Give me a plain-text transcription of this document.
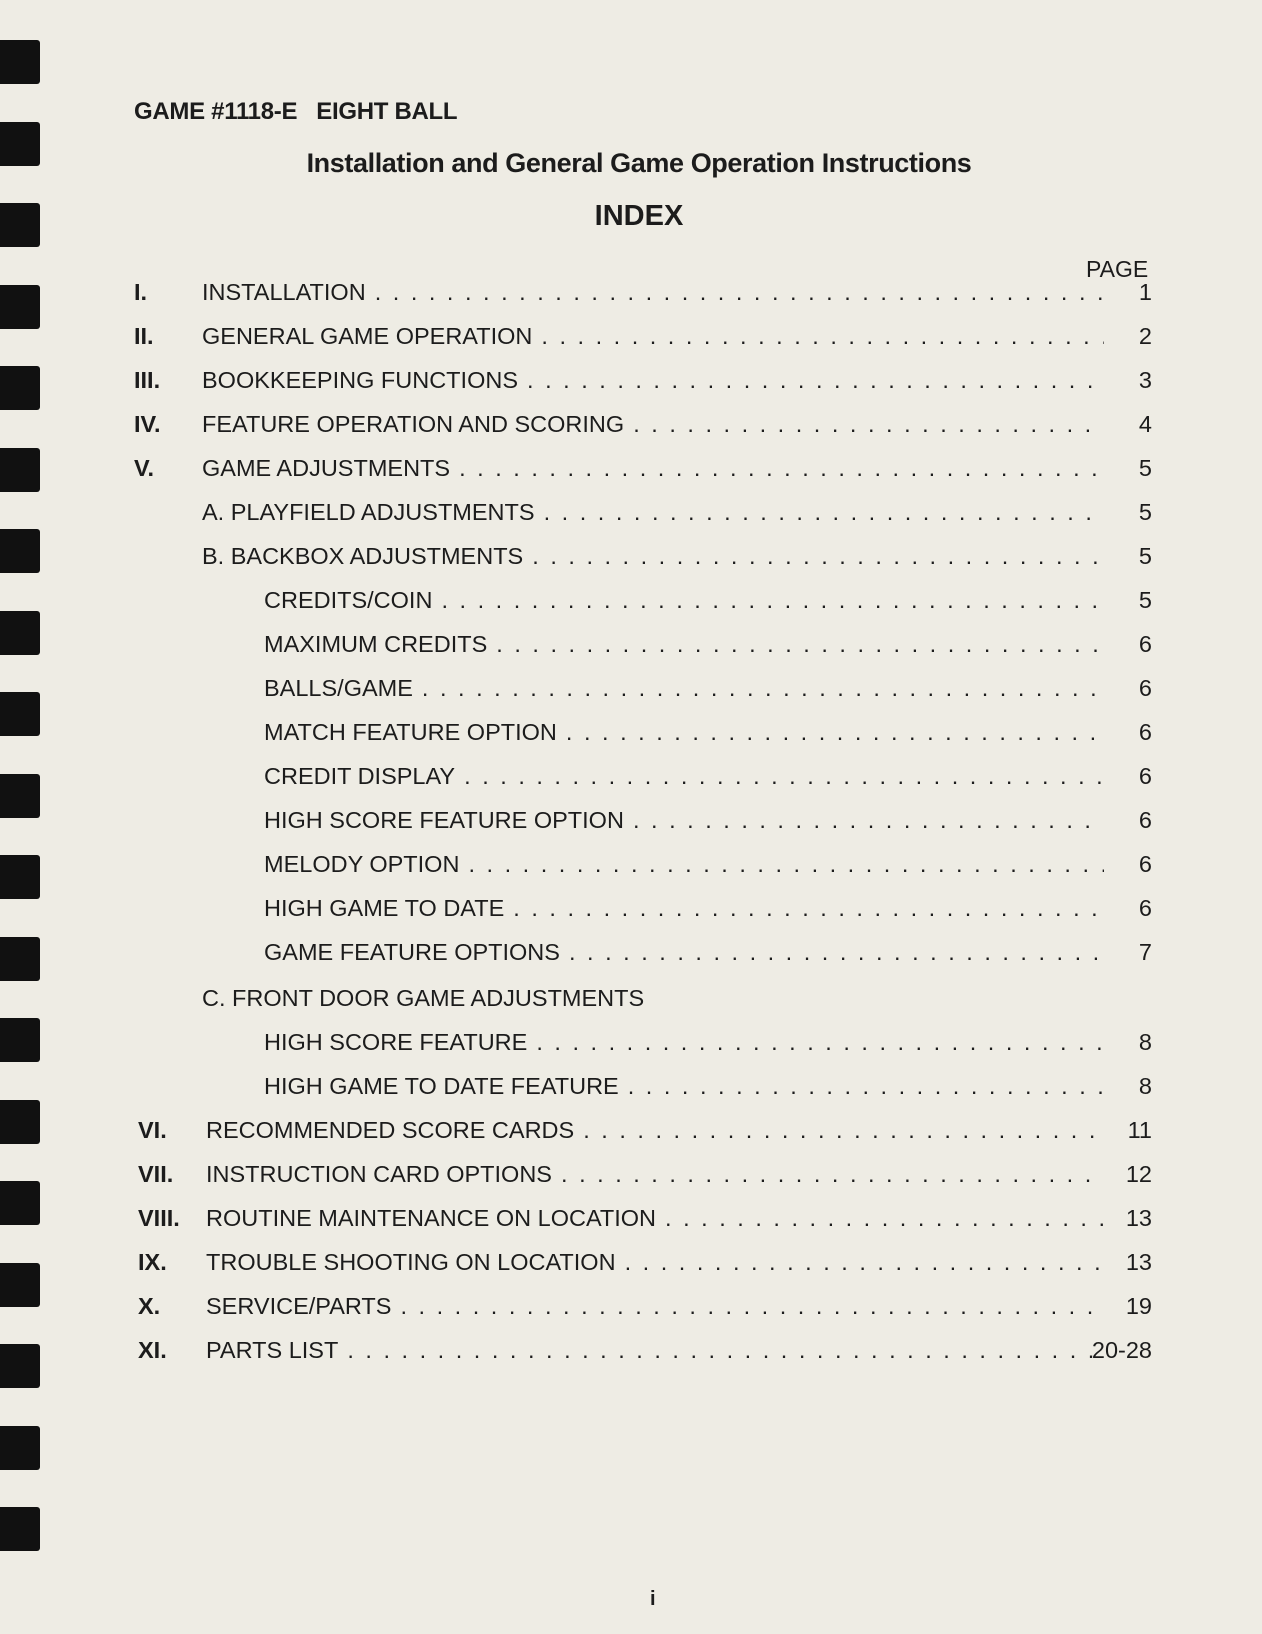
GAME #1118-E   EIGHT BALL
Installation and General Game Operation Instructions
INDEX
PAGE
I. INSTALLATION . . .	1
II. GENERAL GAME OPERATION . . .	2
III. BOOKKEEPING FUNCTIONS . . .	3
IV. FEATURE OPERATION AND SCORING . . .	4
V. GAME ADJUSTMENTS . . .	5
A. PLAYFIELD ADJUSTMENTS . . .	5
B. BACKBOX ADJUSTMENTS . . .	5
CREDITS/COIN . . .	5
MAXIMUM CREDITS . . .	6
BALLS/GAME . . .	6
MATCH FEATURE OPTION . . .	6
CREDIT DISPLAY . . .	6
HIGH SCORE FEATURE OPTION . . .	6
MELODY OPTION . . .	6
HIGH GAME TO DATE . . .	6
GAME FEATURE OPTIONS . . .	7
C. FRONT DOOR GAME ADJUSTMENTS
HIGH SCORE FEATURE . . .	8
HIGH GAME TO DATE FEATURE . . .	8
VI. RECOMMENDED SCORE CARDS . . .	11
VII. INSTRUCTION CARD OPTIONS . . .	12
VIII. ROUTINE MAINTENANCE ON LOCATION . . .	13
IX. TROUBLE SHOOTING ON LOCATION . . .	13
X. SERVICE/PARTS . . .	19
XI. PARTS LIST . . .	20-28
i
